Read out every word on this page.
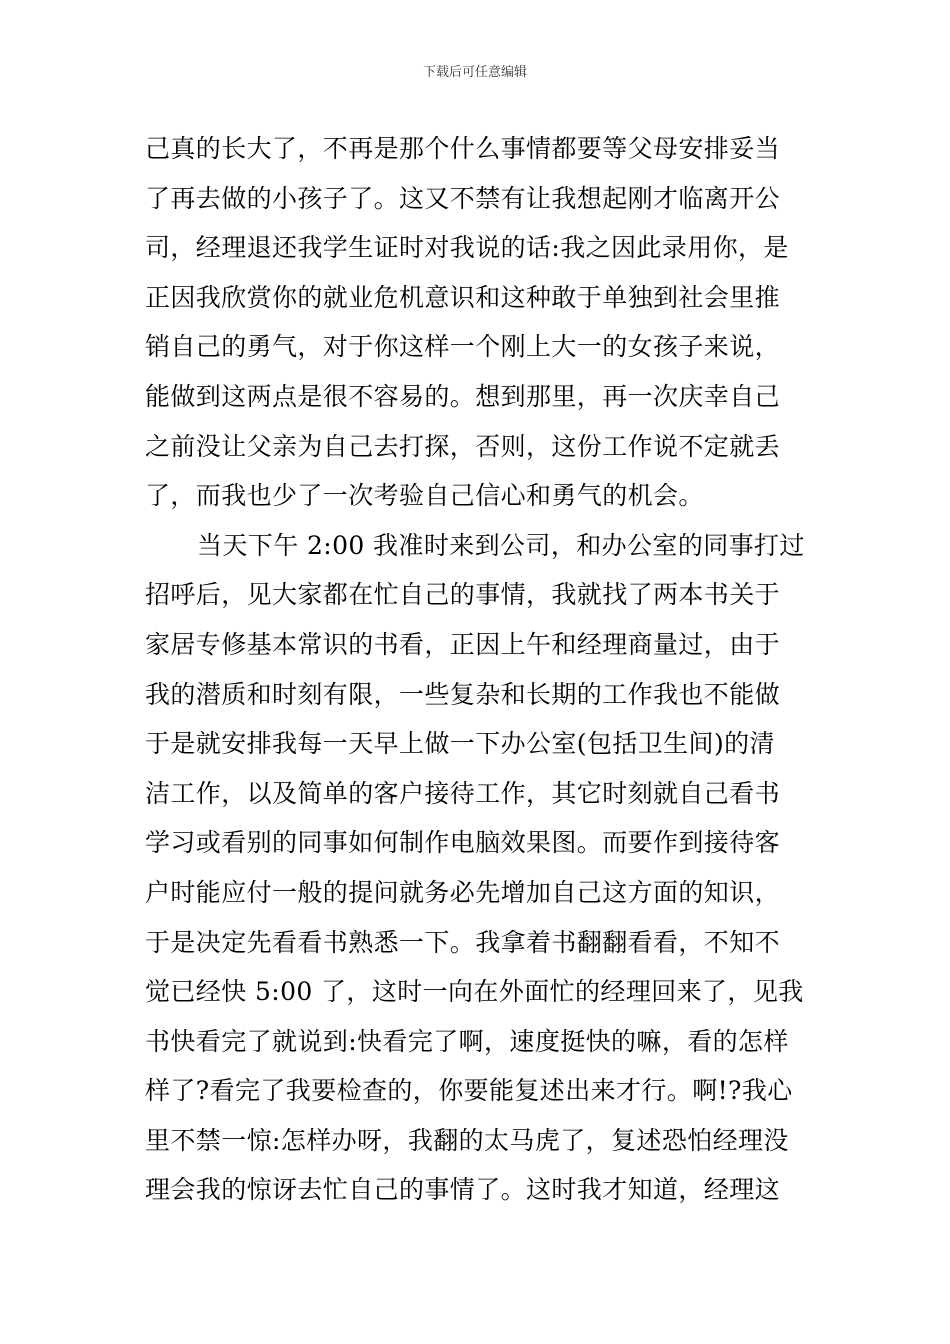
下载后可任意编辑
己真的长大了，不再是那个什么事情都要等父母安排妥当
了再去做的小孩子了。这又不禁有让我想起刚才临离开公
司，经理退还我学生证时对我说的话:我之因此录用你，是
正因我欣赏你的就业危机意识和这种敢于单独到社会里推
销自己的勇气，对于你这样一个刚上大一的女孩子来说，
能做到这两点是很不容易的。想到那里，再一次庆幸自己
之前没让父亲为自己去打探，否则，这份工作说不定就丢
了，而我也少了一次考验自己信心和勇气的机会。
当天下午 2:00 我准时来到公司，和办公室的同事打过
招呼后，见大家都在忙自己的事情，我就找了两本书关于
家居专修基本常识的书看，正因上午和经理商量过，由于
我的潜质和时刻有限，一些复杂和长期的工作我也不能做
于是就安排我每一天早上做一下办公室(包括卫生间)的清
洁工作，以及简单的客户接待工作，其它时刻就自己看书
学习或看别的同事如何制作电脑效果图。而要作到接待客
户时能应付一般的提问就务必先增加自己这方面的知识，
于是决定先看看书熟悉一下。我拿着书翻翻看看，不知不
觉已经快 5:00 了，这时一向在外面忙的经理回来了，见我
书快看完了就说到:快看完了啊，速度挺快的嘛，看的怎样
样了?看完了我要检查的，你要能复述出来才行。啊!?我心
里不禁一惊:怎样办呀，我翻的太马虎了，复述恐怕经理没
理会我的惊讶去忙自己的事情了。这时我才知道，经理这
